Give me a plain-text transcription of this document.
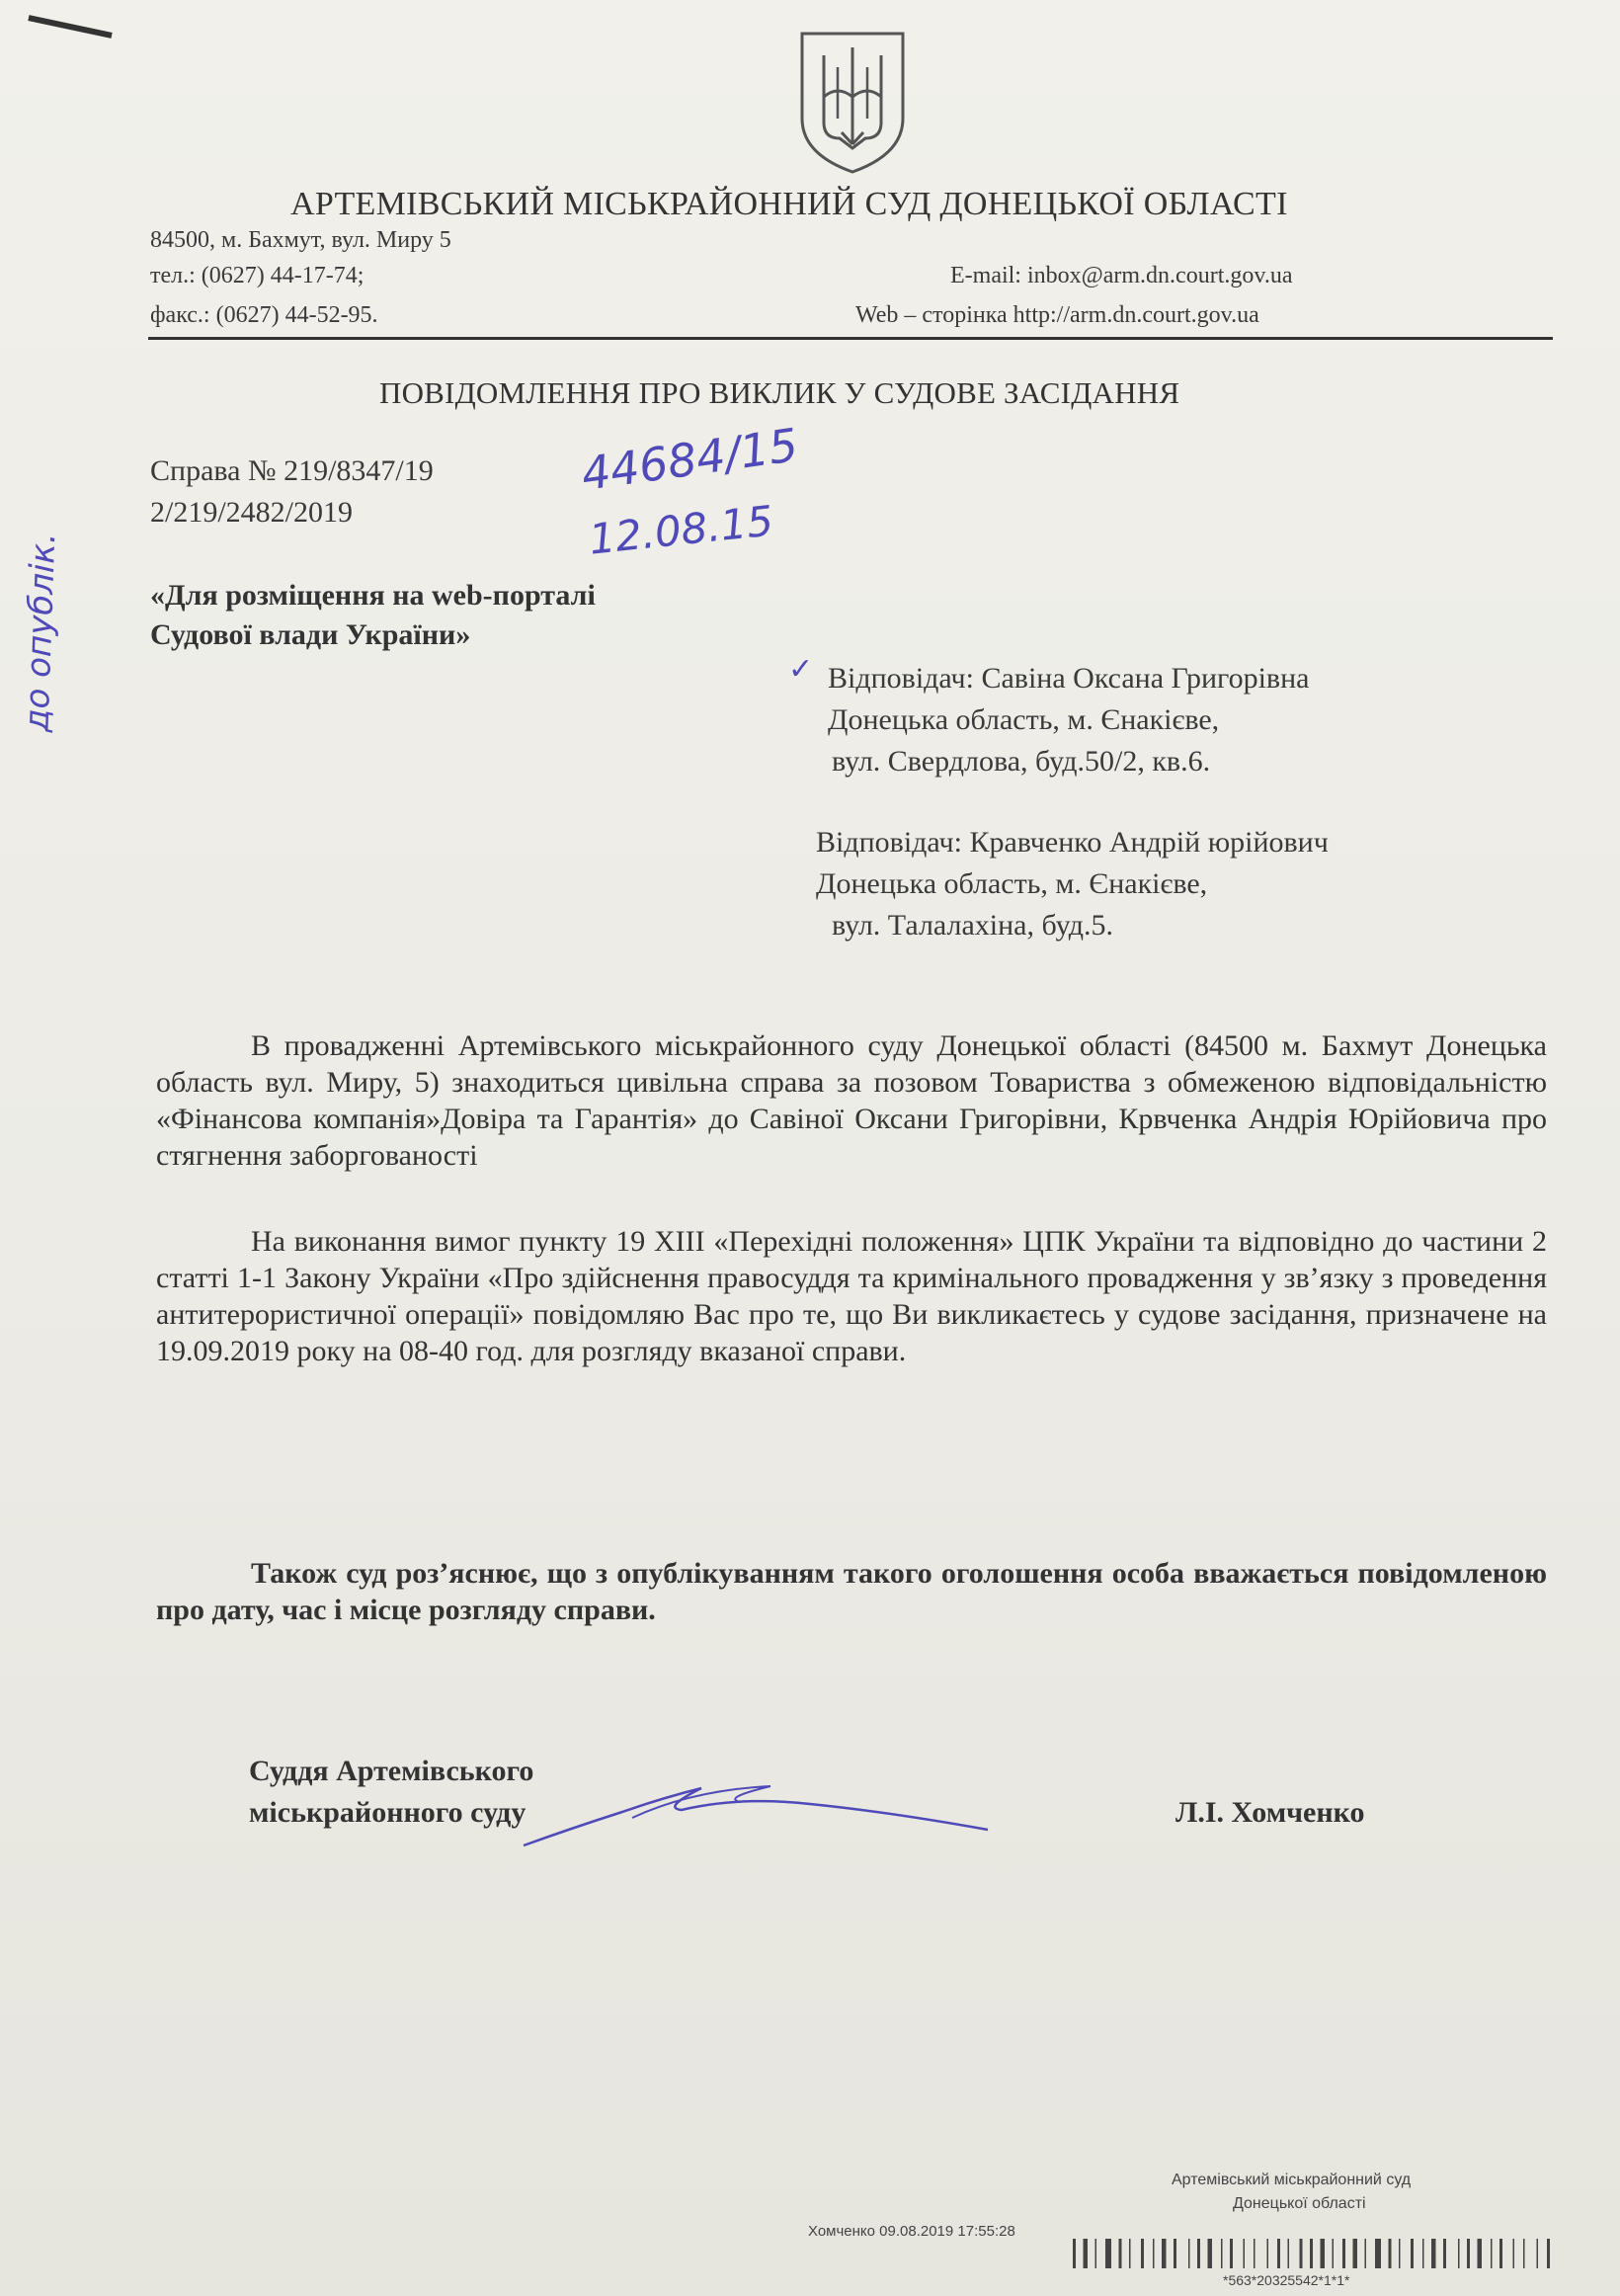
АРТЕМІВСЬКИЙ МІСЬКРАЙОННИЙ СУД ДОНЕЦЬКОЇ ОБЛАСТІ
84500, м. Бахмут, вул. Миру 5
тел.: (0627) 44-17-74;	E-mail: inbox@arm.dn.court.gov.ua
факс.: (0627) 44-52-95.	Web – сторінка http://arm.dn.court.gov.ua
ПОВІДОМЛЕННЯ ПРО ВИКЛИК У СУДОВЕ ЗАСІДАННЯ
Справа № 219/8347/19
2/219/2482/2019
44684/15
12.08.15
до опублік.	✓
«Для розміщення на web-порталі
Судової влади України»
Відповідач: Савіна Оксана Григорівна
Донецька область, м. Єнакієве,
вул. Свердлова, буд.50/2, кв.6.
Відповідач: Кравченко Андрій юрійович
Донецька область, м. Єнакієве,
вул. Талалахіна, буд.5.
В провадженні Артемівського міськрайонного суду Донецької області (84500 м. Бахмут Донецька область вул. Миру, 5) знаходиться цивільна справа за позовом Товариства з обмеженою відповідальністю «Фінансова компанія»Довіра та Гарантія» до Савіної Оксани Григорівни, Крвченка Андрія Юрійовича про стягнення заборгованості
На виконання вимог пункту 19 ХІІІ «Перехідні положення» ЦПК України та відповідно до частини 2 статті 1-1 Закону України «Про здійснення правосуддя та кримінального провадження у зв’язку з проведення антитерористичної операції» повідомляю Вас про те, що Ви викликаєтесь у судове засідання, призначене на 19.09.2019 року на 08-40 год. для розгляду вказаної справи.
Також суд роз’яснює, що з опублікуванням такого оголошення особа вважається повідомленою про дату, час і місце розгляду справи.
Суддя Артемівського
міськрайонного суду	Л.І. Хомченко
Артемівський міськрайонний суд
Донецької області
Хомченко 09.08.2019 17:55:28
*563*20325542*1*1*
